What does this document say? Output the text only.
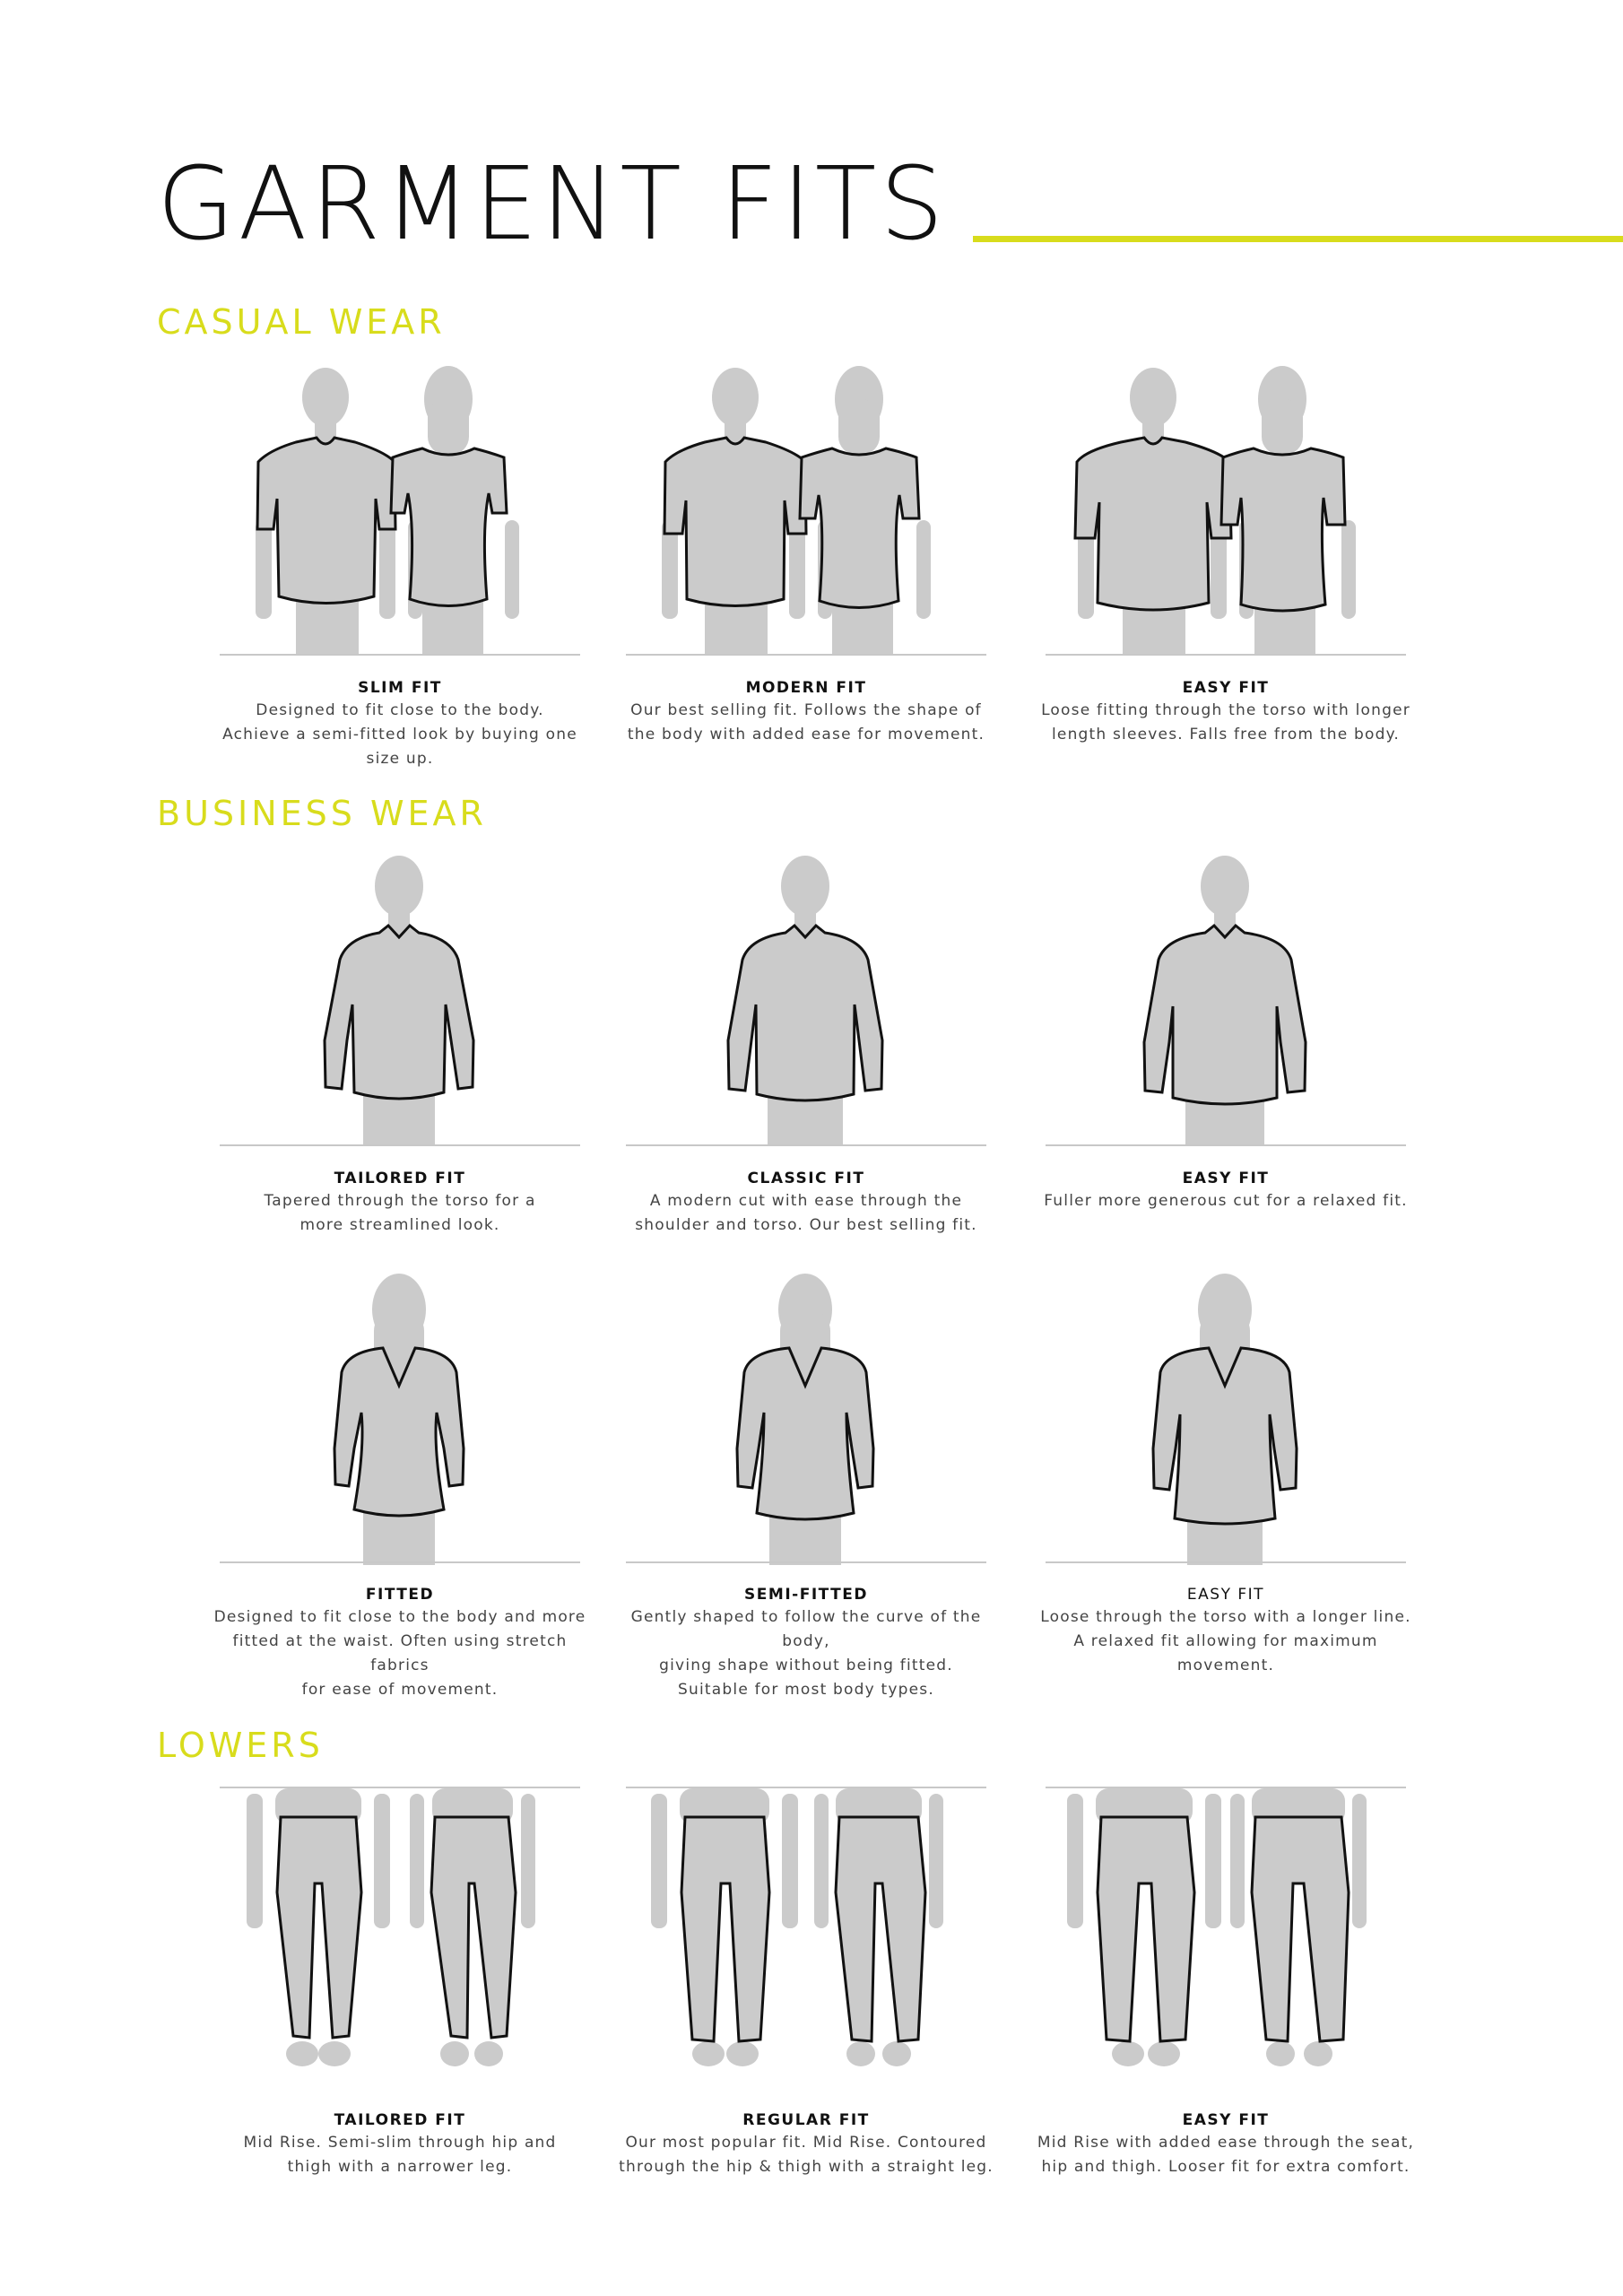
GARMENT FITS
CASUAL WEAR
BUSINESS WEAR
LOWERS
SLIM FIT
Designed to fit close to the body.
Achieve a semi-fitted look by buying one size up.
MODERN FIT
Our best selling fit. Follows the shape of
the body with added ease for movement.
EASY FIT
Loose fitting through the torso with longer
length sleeves. Falls free from the body.
TAILORED FIT
Tapered through the torso for a
more streamlined look.
CLASSIC FIT
A modern cut with ease through the
shoulder and torso. Our best selling fit.
EASY FIT
Fuller more generous cut for a relaxed fit.
FITTED
Designed to fit close to the body and more
fitted at the waist. Often using stretch fabrics
for ease of movement.
SEMI-FITTED
Gently shaped to follow the curve of the body,
giving shape without being fitted.
Suitable for most body types.
EASY FIT
Loose through the torso with a longer line.
A relaxed fit allowing for maximum movement.
TAILORED FIT
Mid Rise. Semi-slim through hip and
thigh with a narrower leg.
REGULAR FIT
Our most popular fit. Mid Rise. Contoured
through the hip & thigh with a straight leg.
EASY FIT
Mid Rise with added ease through the seat,
hip and thigh. Looser fit for extra comfort.
